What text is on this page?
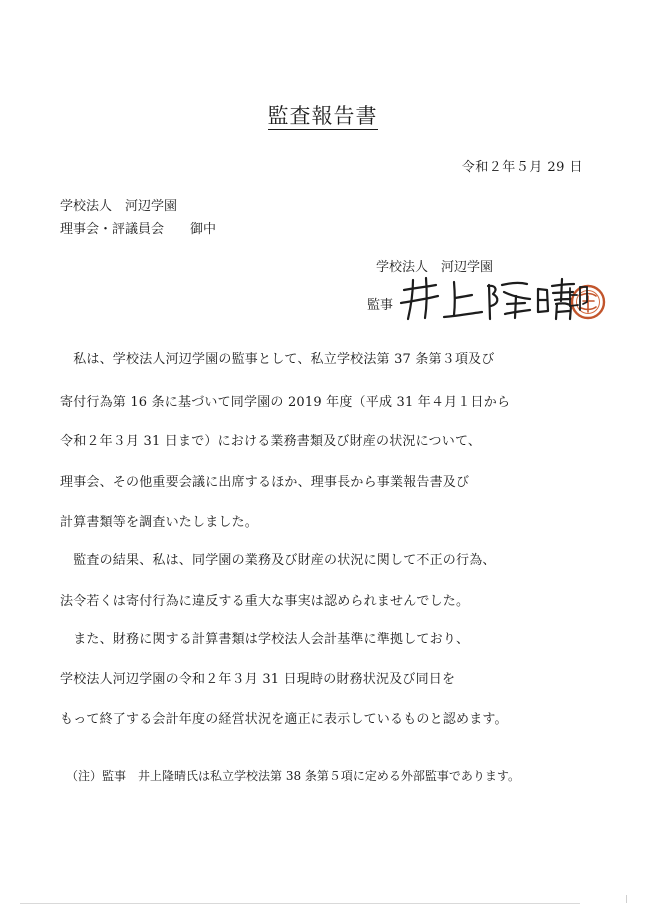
監査報告書
令和２年５月 29 日
学校法人　河辺学園
理事会・評議員会　　御中
学校法人　河辺学園
監事
　私は、学校法人河辺学園の監事として、私立学校法第 37 条第３項及び
寄付行為第 16 条に基づいて同学園の 2019 年度（平成 31 年４月１日から
令和２年３月 31 日まで）における業務書類及び財産の状況について、
理事会、その他重要会議に出席するほか、理事長から事業報告書及び
計算書類等を調査いたしました。
　監査の結果、私は、同学園の業務及び財産の状況に関して不正の行為、
法令若くは寄付行為に違反する重大な事実は認められませんでした。
　また、財務に関する計算書類は学校法人会計基準に準拠しており、
学校法人河辺学園の令和２年３月 31 日現時の財務状況及び同日を
もって終了する会計年度の経営状況を適正に表示しているものと認めます。
（注）監事　井上隆晴氏は私立学校法第 38 条第５項に定める外部監事であります。
